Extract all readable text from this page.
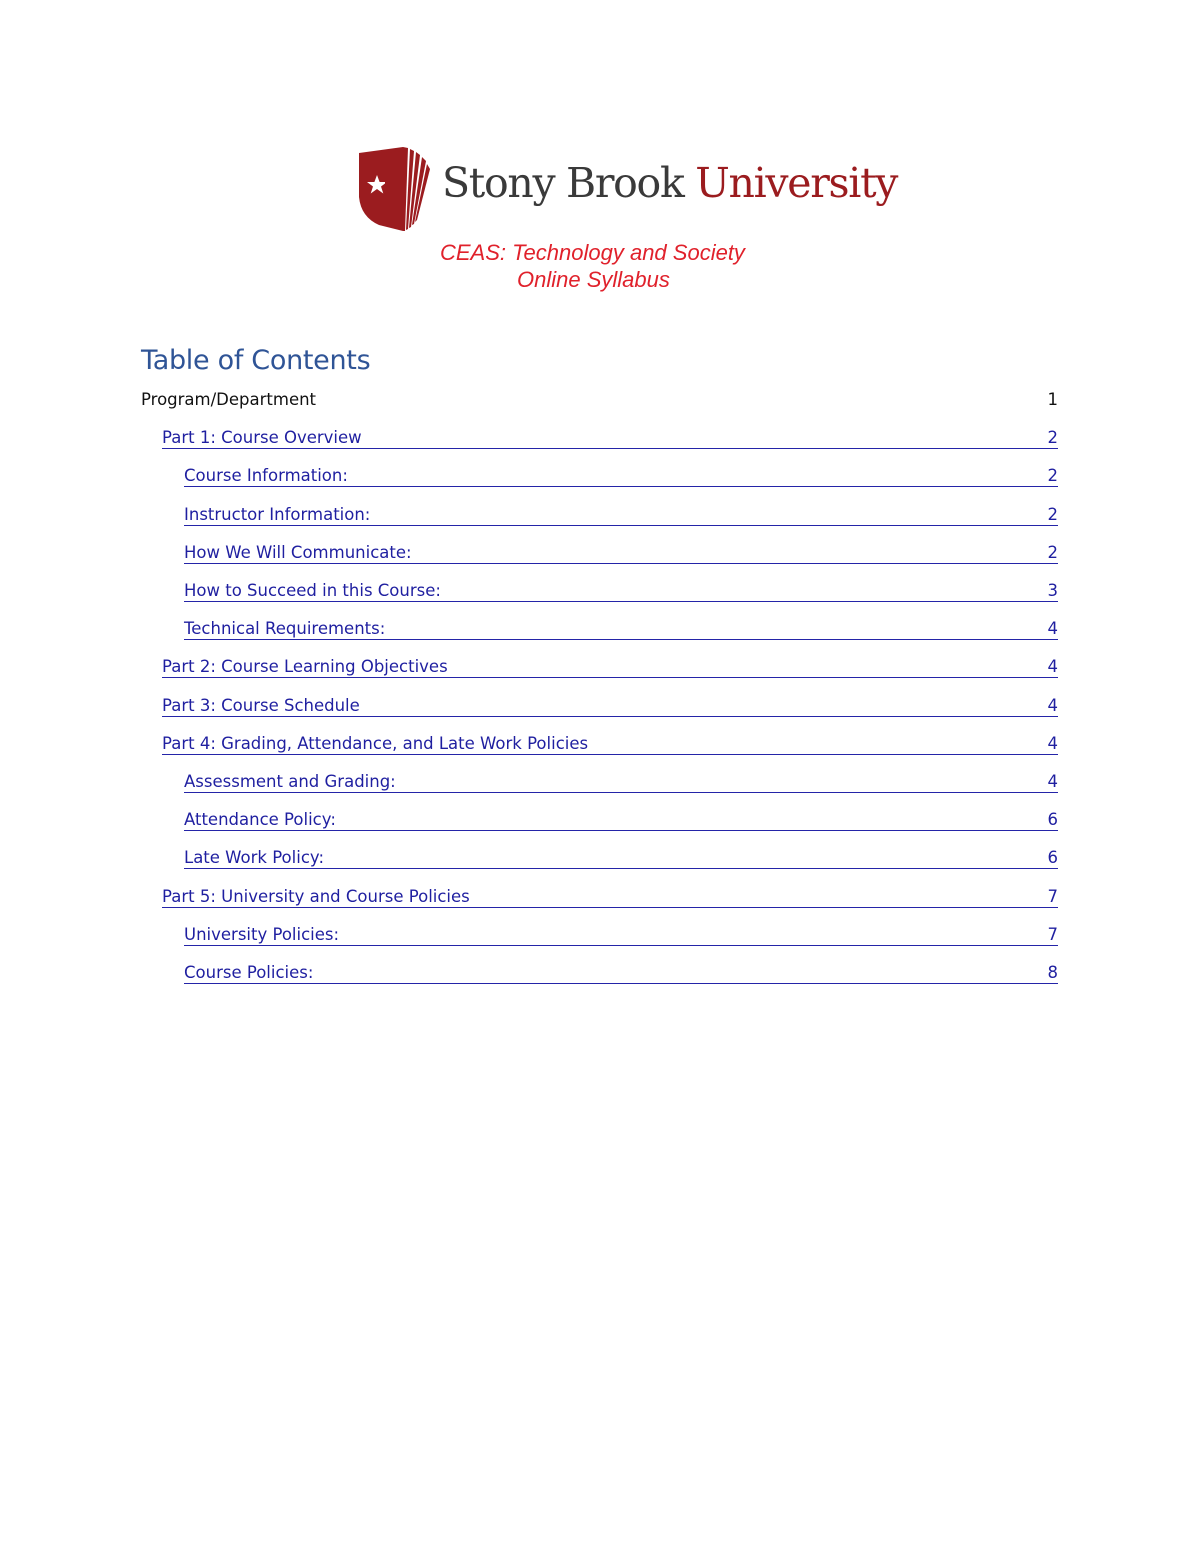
Stony Brook University
CEAS: Technology and Society
Online Syllabus
Table of Contents
Program/Department	1
Part 1: Course Overview	2
Course Information:	2
Instructor Information:	2
How We Will Communicate:	2
How to Succeed in this Course:	3
Technical Requirements:	4
Part 2: Course Learning Objectives	4
Part 3: Course Schedule	4
Part 4: Grading, Attendance, and Late Work Policies	4
Assessment and Grading:	4
Attendance Policy:	6
Late Work Policy:	6
Part 5: University and Course Policies	7
University Policies:	7
Course Policies:	8
